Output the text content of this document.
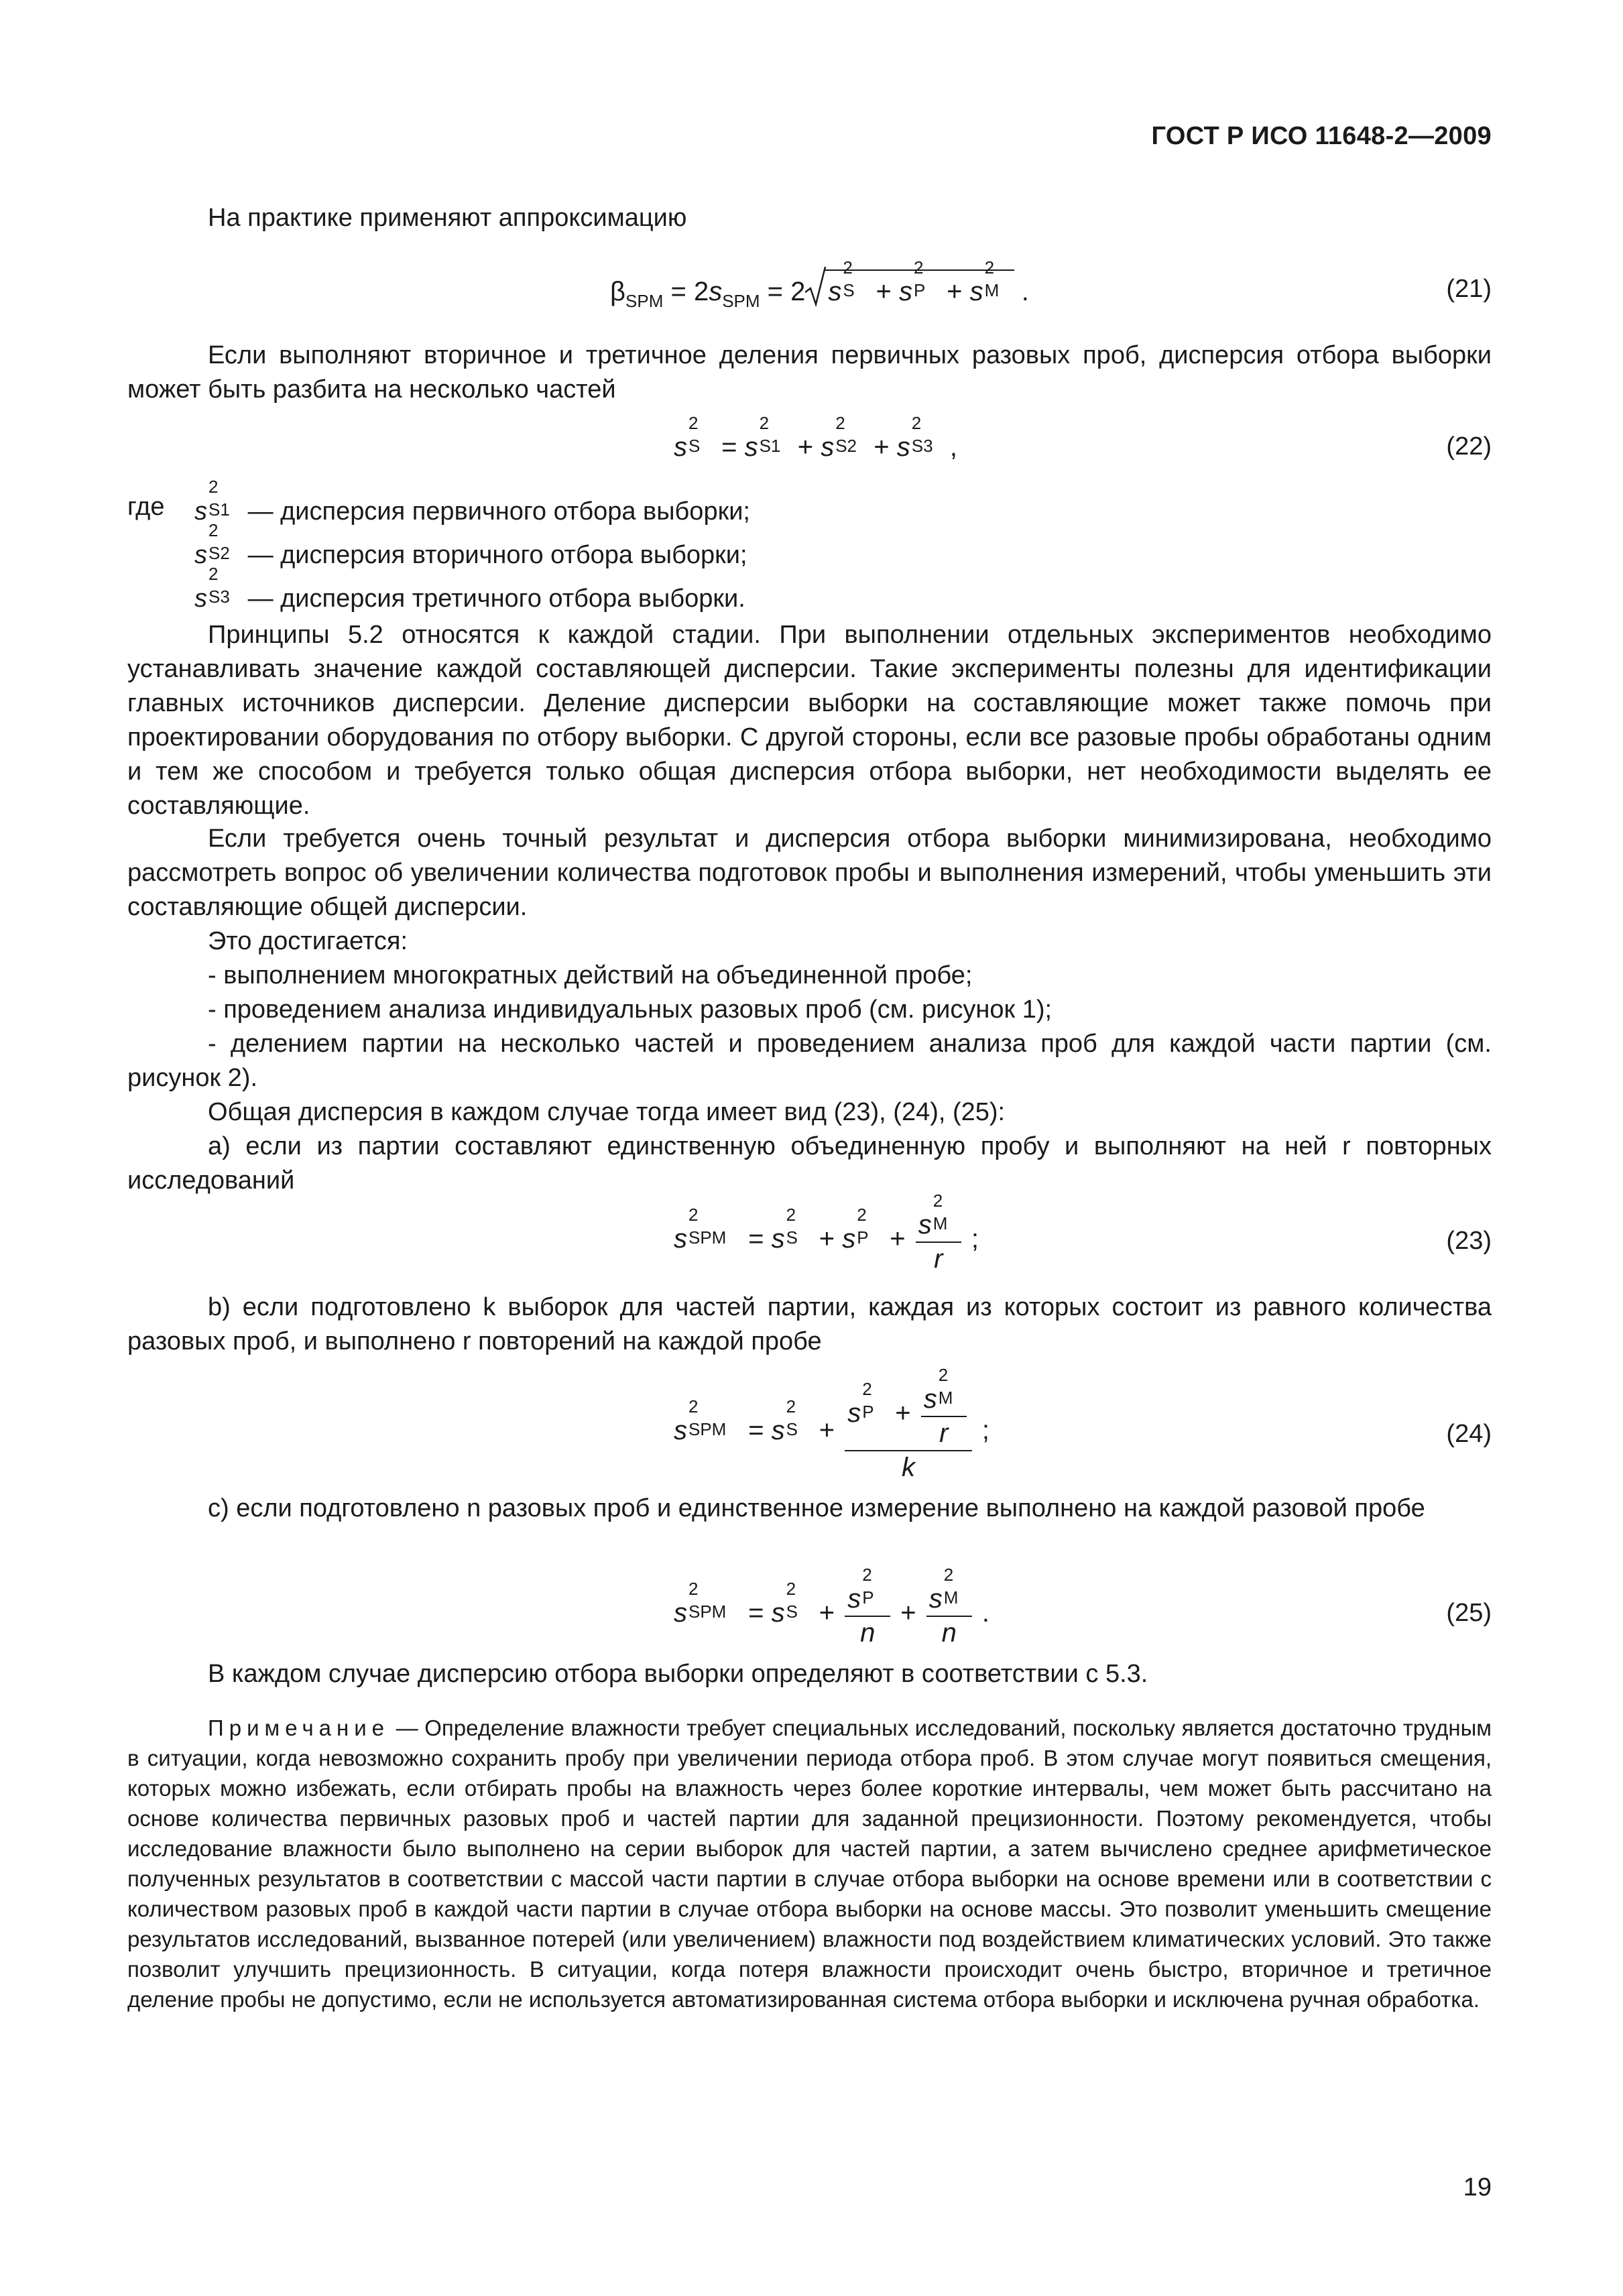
ГОСТ Р ИСО 11648-2—2009
На практике применяют аппроксимацию
$\beta_{SPM} = 2s_{SPM} = 2$ s
2
S + s
2
P + s
2
M .	(21)
Если выполняют вторичное и третичное деления первичных разовых проб, дисперсия отбора выборки может быть разбита на несколько частей
s
2
S = s
2
S1 + s
2
S2 + s
2
S3 ,	(22)
где s
2
S1 — дисперсия первичного отбора выборки;
s
2
S2 — дисперсия вторичного отбора выборки;
s
2
S3 — дисперсия третичного отбора выборки.
Принципы 5.2 относятся к каждой стадии. При выполнении отдельных экспериментов необходимо устанавливать значение каждой составляющей дисперсии. Такие эксперименты полезны для идентификации главных источников дисперсии. Деление дисперсии выборки на составляющие может также помочь при проектировании оборудования по отбору выборки. С другой стороны, если все разовые пробы обработаны одним и тем же способом и требуется только общая дисперсия отбора выборки, нет необходимости выделять ее составляющие.
Если требуется очень точный результат и дисперсия отбора выборки минимизирована, необходимо рассмотреть вопрос об увеличении количества подготовок пробы и выполнения измерений, чтобы уменьшить эти составляющие общей дисперсии.
Это достигается:
- выполнением многократных действий на объединенной пробе;
- проведением анализа индивидуальных разовых проб (см. рисунок 1);
- делением партии на несколько частей и проведением анализа проб для каждой части партии (см. рисунок 2).
Общая дисперсия в каждом случае тогда имеет вид (23), (24), (25):
а) если из партии составляют единственную объединенную пробу и выполняют на ней r повторных исследований
s
2
SPM = s
2
S + s
2
P + s
2
M
r ;	(23)
b) если подготовлено k выборок для частей партии, каждая из которых состоит из равного количества разовых проб, и выполнено r повторений на каждой пробе
s
2
SPM = s
2
S + s
2
P + s
2
M
r
k ;	(24)
с) если подготовлено n разовых проб и единственное измерение выполнено на каждой разовой пробе
s
2
SPM = s
2
S + s
2
P
n + s
2
M
n .	(25)
В каждом случае дисперсию отбора выборки определяют в соответствии с 5.3.
Примечание — Определение влажности требует специальных исследований, поскольку является достаточно трудным в ситуации, когда невозможно сохранить пробу при увеличении периода отбора проб. В этом случае могут появиться смещения, которых можно избежать, если отбирать пробы на влажность через более короткие интервалы, чем может быть рассчитано на основе количества первичных разовых проб и частей партии для заданной прецизионности. Поэтому рекомендуется, чтобы исследование влажности было выполнено на серии выборок для частей партии, а затем вычислено среднее арифметическое полученных результатов в соответствии с массой части партии в случае отбора выборки на основе времени или в соответствии с количеством разовых проб в каждой части партии в случае отбора выборки на основе массы. Это позволит уменьшить смещение результатов исследований, вызванное потерей (или увеличением) влажности под воздействием климатических условий. Это также позволит улучшить прецизионность. В ситуации, когда потеря влажности происходит очень быстро, вторичное и третичное деление пробы не допустимо, если не используется автоматизированная система отбора выборки и исключена ручная обработка.
19
